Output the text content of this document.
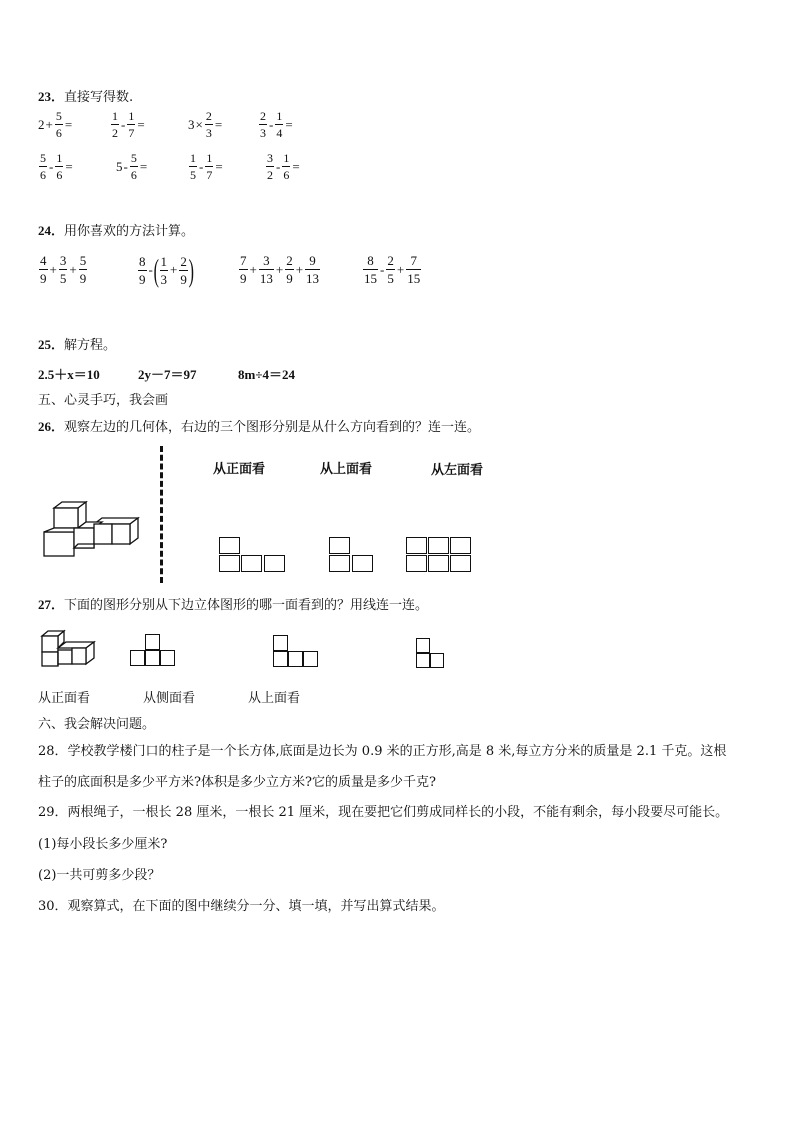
23．直接写得数.
$2 + \frac{5}{6}$ =	$\frac{1}{2} - \frac{1}{7}$ =	$3 \times \frac{2}{3}$ =	$\frac{2}{3} - \frac{1}{4}$ =
$\frac{5}{6} - \frac{1}{6}$ =	$5 - \frac{5}{6}$ =	$\frac{1}{5} - \frac{1}{7}$ =	$\frac{3}{2} - \frac{1}{6}$ =
24．用你喜欢的方法计算。
$\frac{4}{9} + \frac{3}{5} + \frac{5}{9}$	$\frac{8}{9}$ - ( $\frac{1}{3} + \frac{2}{9}$ )	$\frac{7}{9} + \frac{3}{13} + \frac{2}{9} + \frac{9}{13}$	$\frac{8}{15} - \frac{2}{5} + \frac{7}{15}$
25．解方程。
2.5＋x＝10	2y－7＝97	8m÷4＝24
五、心灵手巧，我会画
26．观察左边的几何体，右边的三个图形分别是从什么方向看到的？连一连。
从正面看	从上面看	从左面看
27．下面的图形分别从下边立体图形的哪一面看到的？用线连一连。
从正面看	从侧面看	从上面看
六、我会解决问题。
28．学校教学楼门口的柱子是一个长方体,底面是边长为 0.9 米的正方形,高是 8 米,每立方分米的质量是 2.1 千克。这根
柱子的底面积是多少平方米?体积是多少立方米?它的质量是多少千克?
29．两根绳子，一根长 28 厘米，一根长 21 厘米，现在要把它们剪成同样长的小段，不能有剩余，每小段要尽可能长。
(1)每小段长多少厘米?
(2)一共可剪多少段？
30．观察算式，在下面的图中继续分一分、填一填，并写出算式结果。
